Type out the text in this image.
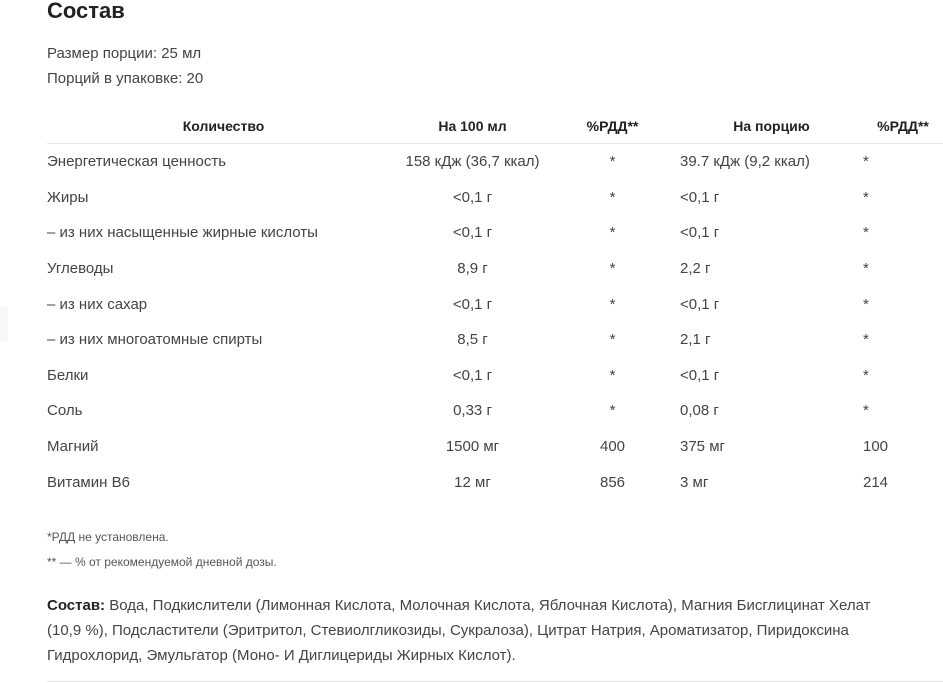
Состав
Размер порции: 25 мл
Порций в упаковке: 20
Количество	На 100 мл	%РДД**	На порцию	%РДД**
Энергетическая ценность	158 кДж (36,7 ккал)	*	39.7 кДж (9,2 ккал)	*
Жиры	<0,1 г	*	<0,1 г	*
– из них насыщенные жирные кислоты	<0,1 г	*	<0,1 г	*
Углеводы	8,9 г	*	2,2 г	*
– из них сахар	<0,1 г	*	<0,1 г	*
– из них многоатомные спирты	8,5 г	*	2,1 г	*
Белки	<0,1 г	*	<0,1 г	*
Соль	0,33 г	*	0,08 г	*
Магний	1500 мг	400	375 мг	100
Витамин B6	12 мг	856	3 мг	214
*РДД не установлена.
** — % от рекомендуемой дневной дозы.
Состав: Вода, Подкислители (Лимонная Кислота, Молочная Кислота, Яблочная Кислота), Магния Бисглицинат Хелат
(10,9 %), Подсластители (Эритритол, Стевиолгликозиды, Сукралоза), Цитрат Натрия, Ароматизатор, Пиридоксина
Гидрохлорид, Эмульгатор (Моно- И Диглицериды Жирных Кислот).
